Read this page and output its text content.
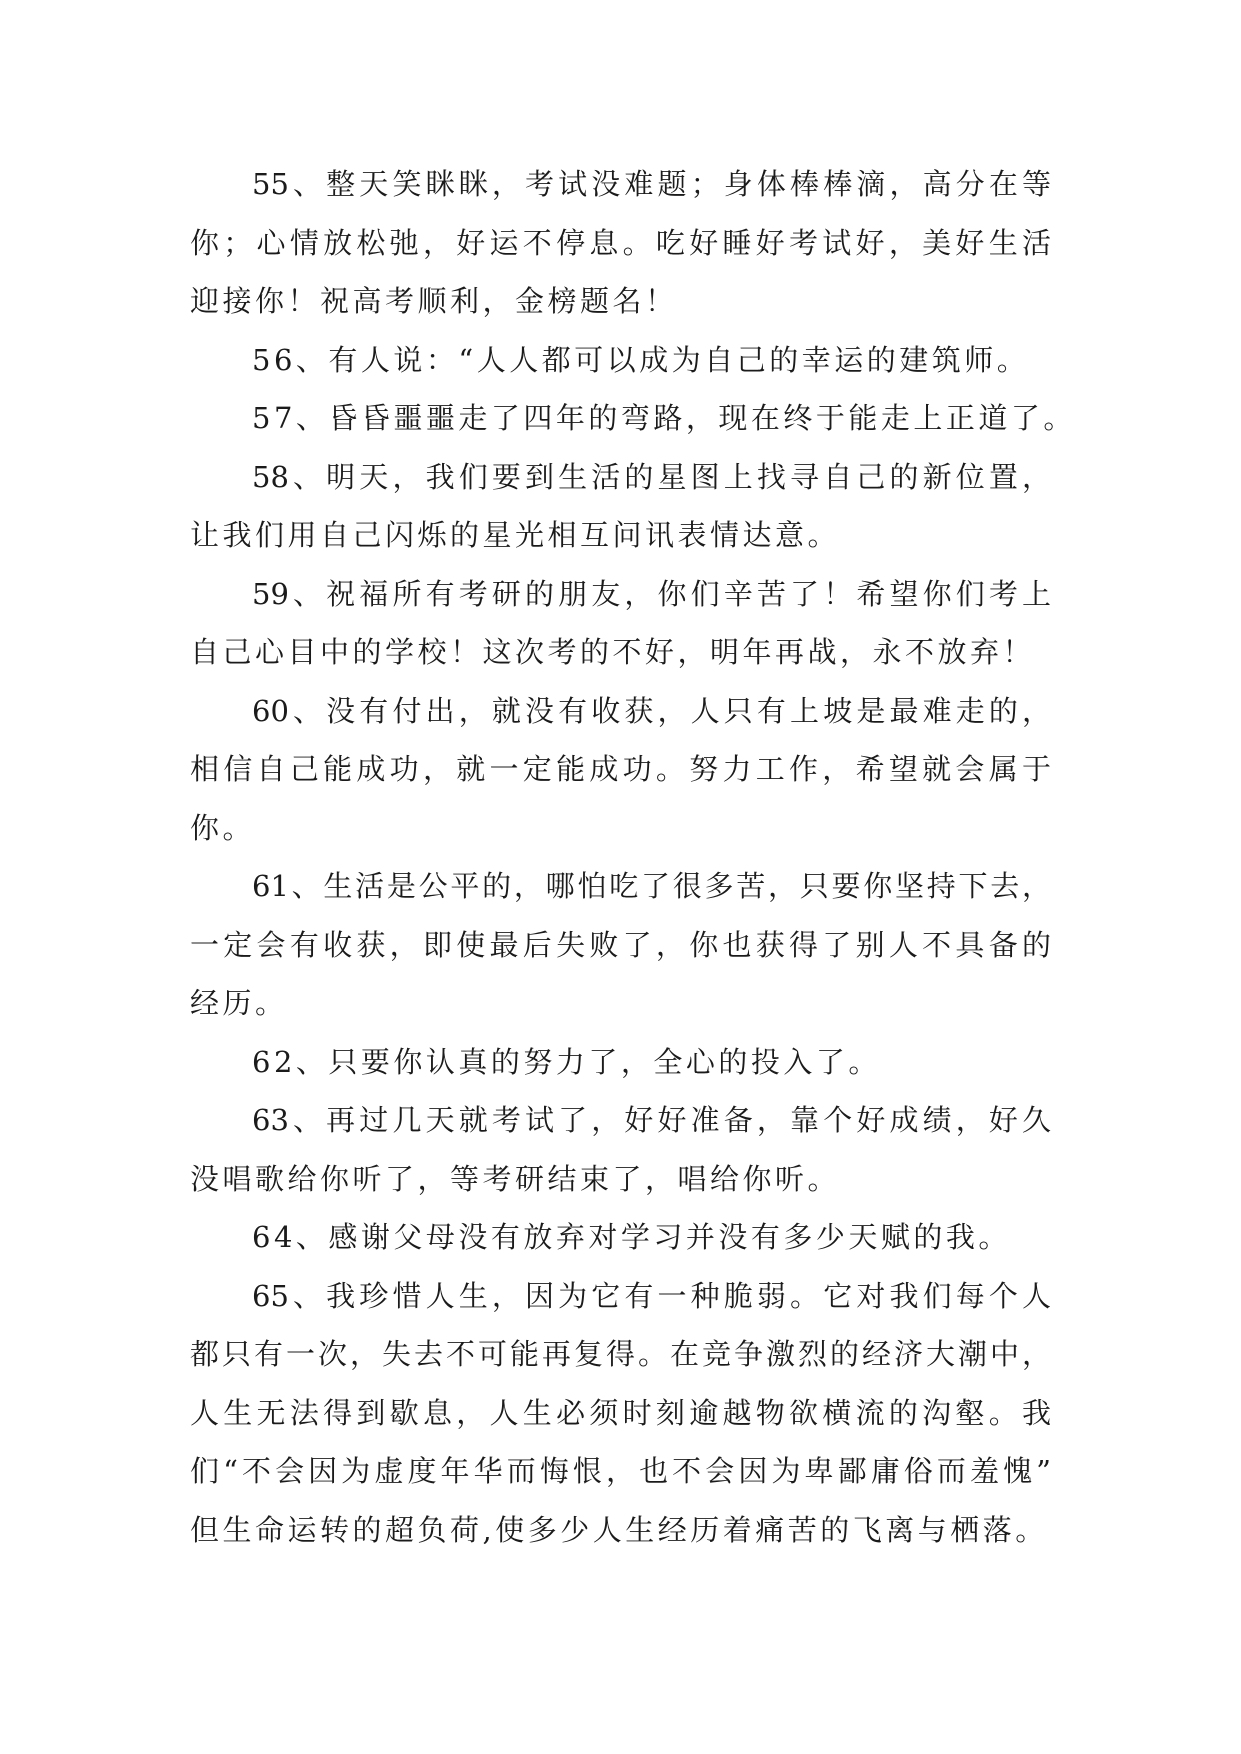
55、整天笑眯眯，考试没难题；身体棒棒滴，高分在等
你；心情放松弛，好运不停息。吃好睡好考试好，美好生活
迎接你！祝高考顺利，金榜题名！
56、有人说：“人人都可以成为自己的幸运的建筑师。
57、昏昏噩噩走了四年的弯路，现在终于能走上正道了。
58、明天，我们要到生活的星图上找寻自己的新位置，
让我们用自己闪烁的星光相互问讯表情达意。
59、祝福所有考研的朋友，你们辛苦了！希望你们考上
自己心目中的学校！这次考的不好，明年再战，永不放弃！
60、没有付出，就没有收获，人只有上坡是最难走的，
相信自己能成功，就一定能成功。努力工作，希望就会属于
你。
61、生活是公平的，哪怕吃了很多苦，只要你坚持下去，
一定会有收获，即使最后失败了，你也获得了别人不具备的
经历。
62、只要你认真的努力了，全心的投入了。
63、再过几天就考试了，好好准备，靠个好成绩，好久
没唱歌给你听了，等考研结束了，唱给你听。
64、感谢父母没有放弃对学习并没有多少天赋的我。
65、我珍惜人生，因为它有一种脆弱。它对我们每个人
都只有一次，失去不可能再复得。在竞争激烈的经济大潮中，
人生无法得到歇息，人生必须时刻逾越物欲横流的沟壑。我
们“不会因为虚度年华而悔恨，也不会因为卑鄙庸俗而羞愧”
但生命运转的超负荷,使多少人生经历着痛苦的飞离与栖落。
